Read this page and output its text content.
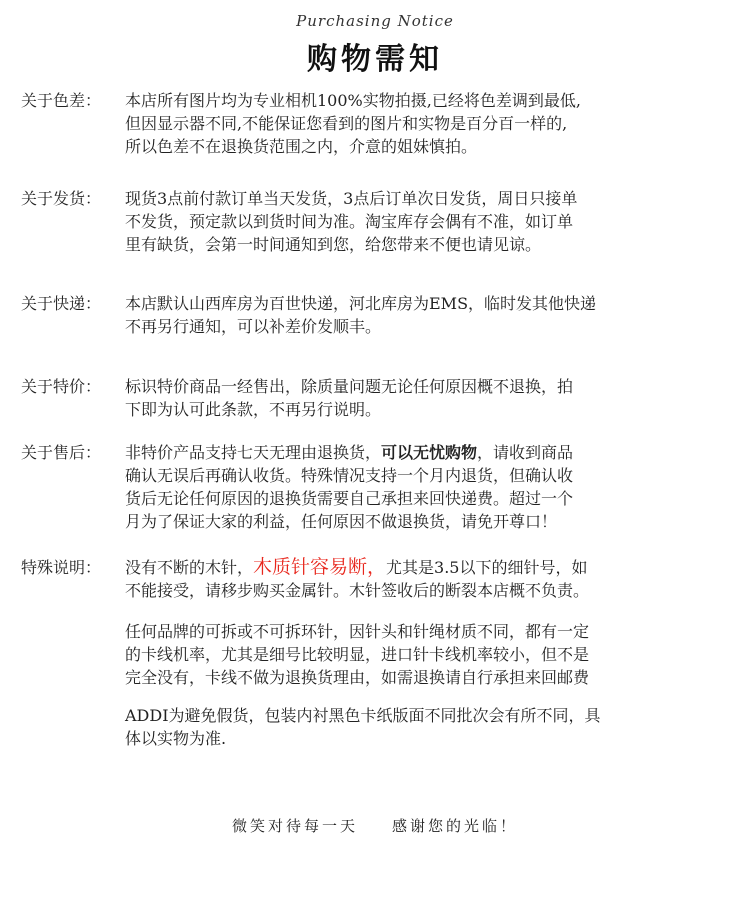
Purchasing Notice
购物需知
关于色差：	本店所有图片均为专业相机100%实物拍摄,已经将色差调到最低,

但因显示器不同,不能保证您看到的图片和实物是百分百一样的,

所以色差不在退换货范围之内，介意的姐妹慎拍。

关于发货：	现货3点前付款订单当天发货，3点后订单次日发货，周日只接单

不发货，预定款以到货时间为准。淘宝库存会偶有不准，如订单

里有缺货，会第一时间通知到您，给您带来不便也请见谅。

关于快递：	本店默认山西库房为百世快递，河北库房为EMS，临时发其他快递

不再另行通知，可以补差价发顺丰。

关于特价：	标识特价商品一经售出，除质量问题无论任何原因概不退换，拍

下即为认可此条款，不再另行说明。

关于售后：	非特价产品支持七天无理由退换货，可以无忧购物，请收到商品

确认无误后再确认收货。特殊情况支持一个月内退货，但确认收

货后无论任何原因的退换货需要自己承担来回快递费。超过一个

月为了保证大家的利益，任何原因不做退换货，请免开尊口！

特殊说明：	没有不断的木针，木质针容易断，尤其是3.5以下的细针号，如

不能接受，请移步购买金属针。木针签收后的断裂本店概不负责。

任何品牌的可拆或不可拆环针，因针头和针绳材质不同，都有一定

的卡线机率，尤其是细号比较明显，进口针卡线机率较小，但不是

完全没有，卡线不做为退换货理由，如需退换请自行承担来回邮费

ADDI为避免假货，包装内衬黑色卡纸版面不同批次会有所不同，具

体以实物为准.

微笑对待每一天 感谢您的光临！
